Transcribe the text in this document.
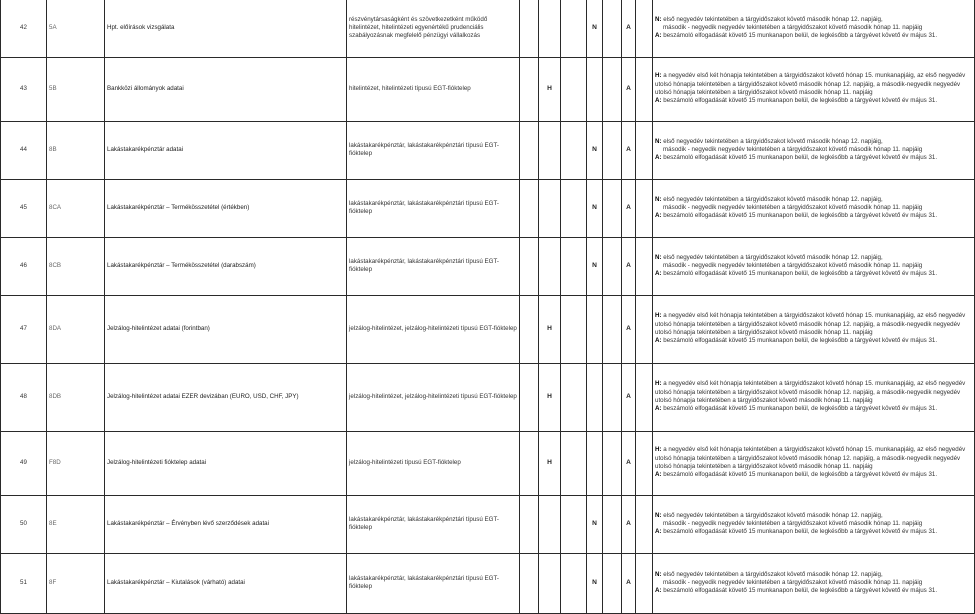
42	5A	Hpt. előírások vizsgálata	részvénytársaságként és szövetkezetként működő hitelintézet, hitelintézeti egyenértékű prudenciális szabályozásnak megfelelő pénzügyi vállalkozás				N		A		N: első negyedév tekintetében a tárgyidőszakot követő második hónap 12. napjáig,
második - negyedik negyedév tekintetében a tárgyidőszakot követő második hónap 11. napjáig
A: beszámoló elfogadását követő 15 munkanapon belül, de legkésőbb a tárgyévet követő év május 31.

43	5B	Bankközi állományok adatai	hitelintézet, hitelintézeti típusú EGT-fióktelep		H				A		H: a negyedév első két hónapja tekintetében a tárgyidőszakot követő hónap 15. munkanapjáig, az első negyedév utolsó hónapja tekintetében a tárgyidőszakot követő második hónap 12. napjáig, a második-negyedik negyedév utolsó hónapja tekintetében a tárgyidőszakot követő második hónap 11. napjáig
A: beszámoló elfogadását követő 15 munkanapon belül, de legkésőbb a tárgyévet követő év május 31.

44	8B	Lakástakarékpénztár adatai	lakástakarékpénztár, lakástakarékpénztári típusú EGT-fióktelep				N		A		N: első negyedév tekintetében a tárgyidőszakot követő második hónap 12. napjáig,
második - negyedik negyedév tekintetében a tárgyidőszakot követő második hónap 11. napjáig
A: beszámoló elfogadását követő 15 munkanapon belül, de legkésőbb a tárgyévet követő év május 31.

45	8CA	Lakástakarékpénztár – Termékösszetétel (értékben)	lakástakarékpénztár, lakástakarékpénztári típusú EGT-fióktelep				N		A		N: első negyedév tekintetében a tárgyidőszakot követő második hónap 12. napjáig,
második - negyedik negyedév tekintetében a tárgyidőszakot követő második hónap 11. napjáig
A: beszámoló elfogadását követő 15 munkanapon belül, de legkésőbb a tárgyévet követő év május 31.

46	8CB	Lakástakarékpénztár – Termékösszetétel (darabszám)	lakástakarékpénztár, lakástakarékpénztári típusú EGT-fióktelep				N		A		N: első negyedév tekintetében a tárgyidőszakot követő második hónap 12. napjáig,
második - negyedik negyedév tekintetében a tárgyidőszakot követő második hónap 11. napjáig
A: beszámoló elfogadását követő 15 munkanapon belül, de legkésőbb a tárgyévet követő év május 31.

47	8DA	Jelzálog-hitelintézet adatai (forintban)	jelzálog-hitelintézet, jelzálog-hitelintézeti típusú EGT-fióktelep		H				A		H: a negyedév első két hónapja tekintetében a tárgyidőszakot követő hónap 15. munkanapjáig, az első negyedév utolsó hónapja tekintetében a tárgyidőszakot követő második hónap 12. napjáig, a második-negyedik negyedév utolsó hónapja tekintetében a tárgyidőszakot követő második hónap 11. napjáig
A: beszámoló elfogadását követő 15 munkanapon belül, de legkésőbb a tárgyévet követő év május 31.

48	8DB	Jelzálog-hitelintézet adatai EZER devizában (EURO, USD, CHF, JPY)	jelzálog-hitelintézet, jelzálog-hitelintézeti típusú EGT-fióktelep		H				A		H: a negyedév első két hónapja tekintetében a tárgyidőszakot követő hónap 15. munkanapjáig, az első negyedév utolsó hónapja tekintetében a tárgyidőszakot követő második hónap 12. napjáig, a második-negyedik negyedév utolsó hónapja tekintetében a tárgyidőszakot követő második hónap 11. napjáig
A: beszámoló elfogadását követő 15 munkanapon belül, de legkésőbb a tárgyévet követő év május 31.

49	F8D	Jelzálog-hitelintézeti fióktelep adatai	jelzálog-hitelintézeti típusú EGT-fióktelep		H				A		H: a negyedév első két hónapja tekintetében a tárgyidőszakot követő hónap 15. munkanapjáig, az első negyedév utolsó hónapja tekintetében a tárgyidőszakot követő második hónap 12. napjáig, a második-negyedik negyedév utolsó hónapja tekintetében a tárgyidőszakot követő második hónap 11. napjáig
A: beszámoló elfogadását követő 15 munkanapon belül, de legkésőbb a tárgyévet követő év május 31.

50	8E	Lakástakarékpénztár – Érvényben lévő szerződések adatai	lakástakarékpénztár, lakástakarékpénztári típusú EGT-fióktelep				N		A		N: első negyedév tekintetében a tárgyidőszakot követő második hónap 12. napjáig,
második - negyedik negyedév tekintetében a tárgyidőszakot követő második hónap 11. napjáig
A: beszámoló elfogadását követő 15 munkanapon belül, de legkésőbb a tárgyévet követő év május 31.

51	8F	Lakástakarékpénztár – Kiutalások (várható) adatai	lakástakarékpénztár, lakástakarékpénztári típusú EGT-fióktelep				N		A		N: első negyedév tekintetében a tárgyidőszakot követő második hónap 12. napjáig,
második - negyedik negyedév tekintetében a tárgyidőszakot követő második hónap 11. napjáig
A: beszámoló elfogadását követő 15 munkanapon belül, de legkésőbb a tárgyévet követő év május 31.
